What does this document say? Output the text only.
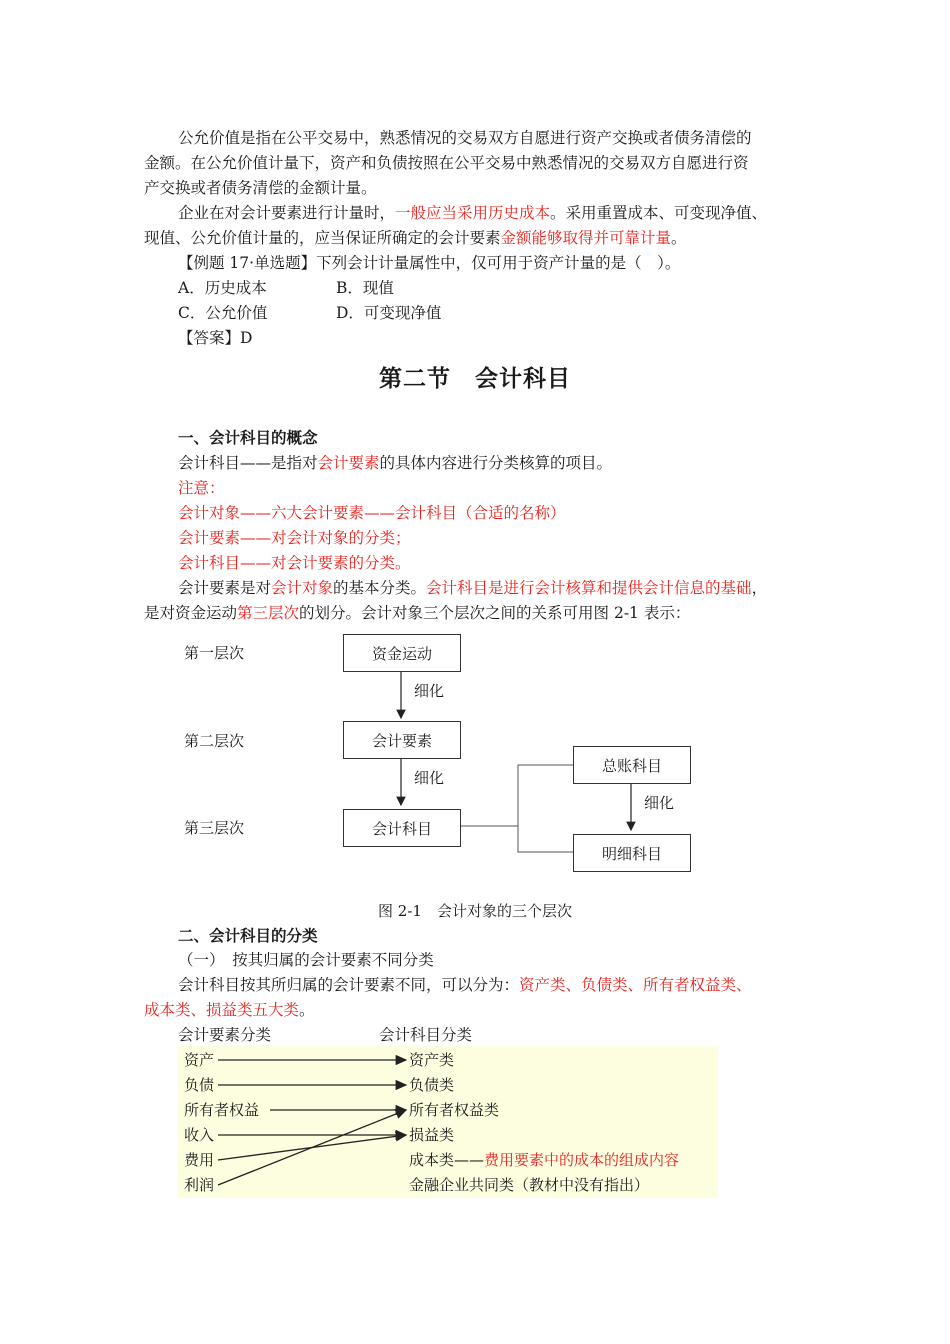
公允价值是指在公平交易中，熟悉情况的交易双方自愿进行资产交换或者债务清偿的
金额。在公允价值计量下，资产和负债按照在公平交易中熟悉情况的交易双方自愿进行资
产交换或者债务清偿的金额计量。
企业在对会计要素进行计量时，一般应当采用历史成本。采用重置成本、可变现净值、
现值、公允价值计量的，应当保证所确定的会计要素金额能够取得并可靠计量。
【例题 17·单选题】下列会计计量属性中，仅可用于资产计量的是（　）。
A．历史成本	B．现值
C．公允价值	D．可变现净值
【答案】D
第二节　会计科目
一、会计科目的概念
会计科目——是指对会计要素的具体内容进行分类核算的项目。
注意：
会计对象——六大会计要素——会计科目（合适的名称）
会计要素——对会计对象的分类；
会计科目——对会计要素的分类。
会计要素是对会计对象的基本分类。会计科目是进行会计核算和提供会计信息的基础，
是对资金运动第三层次的划分。会计对象三个层次之间的关系可用图 2-1 表示：
第一层次
第二层次
第三层次
资金运动
会计要素
会计科目
总账科目
明细科目
细化
细化
细化
图 2-1　会计对象的三个层次
二、会计科目的分类
（一）　按其归属的会计要素不同分类
会计科目按其所归属的会计要素不同，可以分为：资产类、负债类、所有者权益类、
成本类、损益类五大类。
会计要素分类	会计科目分类
资产
负债
所有者权益
收入
费用
利润
资产类
负债类
所有者权益类
损益类
成本类——费用要素中的成本的组成内容
金融企业共同类（教材中没有指出）
